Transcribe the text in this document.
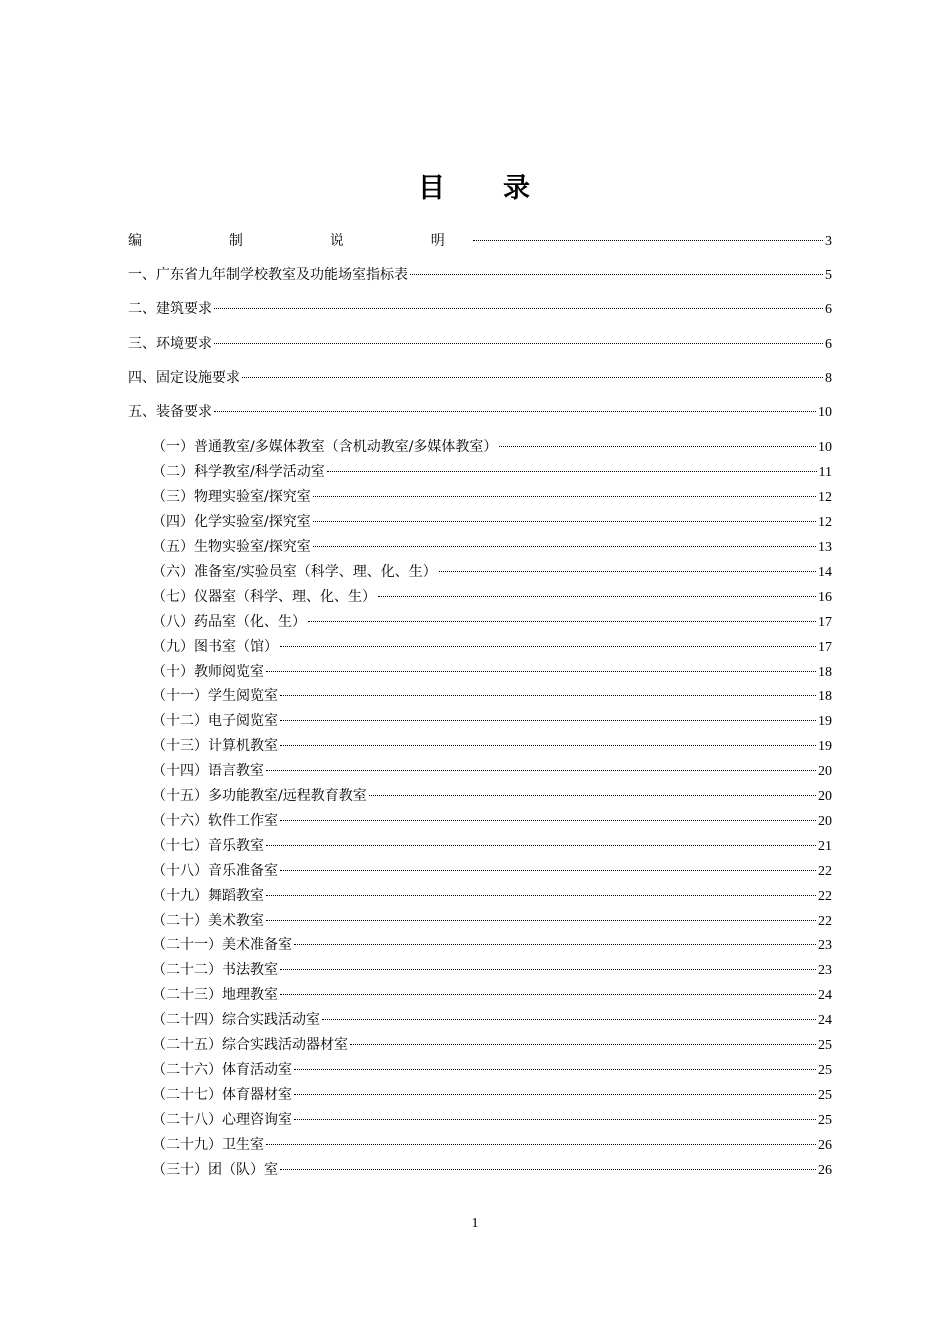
目 录
编  制  说  明	3
一、广东省九年制学校教室及功能场室指标表	5
二、建筑要求	6
三、环境要求	6
四、固定设施要求	8
五、装备要求	10
（一）普通教室/多媒体教室（含机动教室/多媒体教室）	10
（二）科学教室/科学活动室	11
（三）物理实验室/探究室	12
（四）化学实验室/探究室	12
（五）生物实验室/探究室	13
（六）准备室/实验员室（科学、理、化、生）	14
（七）仪器室（科学、理、化、生）	16
（八）药品室（化、生）	17
（九）图书室（馆）	17
（十）教师阅览室	18
（十一）学生阅览室	18
（十二）电子阅览室	19
（十三）计算机教室	19
（十四）语言教室	20
（十五）多功能教室/远程教育教室	20
（十六）软件工作室	20
（十七）音乐教室	21
（十八）音乐准备室	22
（十九）舞蹈教室	22
（二十）美术教室	22
（二十一）美术准备室	23
（二十二）书法教室	23
（二十三）地理教室	24
（二十四）综合实践活动室	24
（二十五）综合实践活动器材室	25
（二十六）体育活动室	25
（二十七）体育器材室	25
（二十八）心理咨询室	25
（二十九）卫生室	26
（三十）团（队）室	26
1
